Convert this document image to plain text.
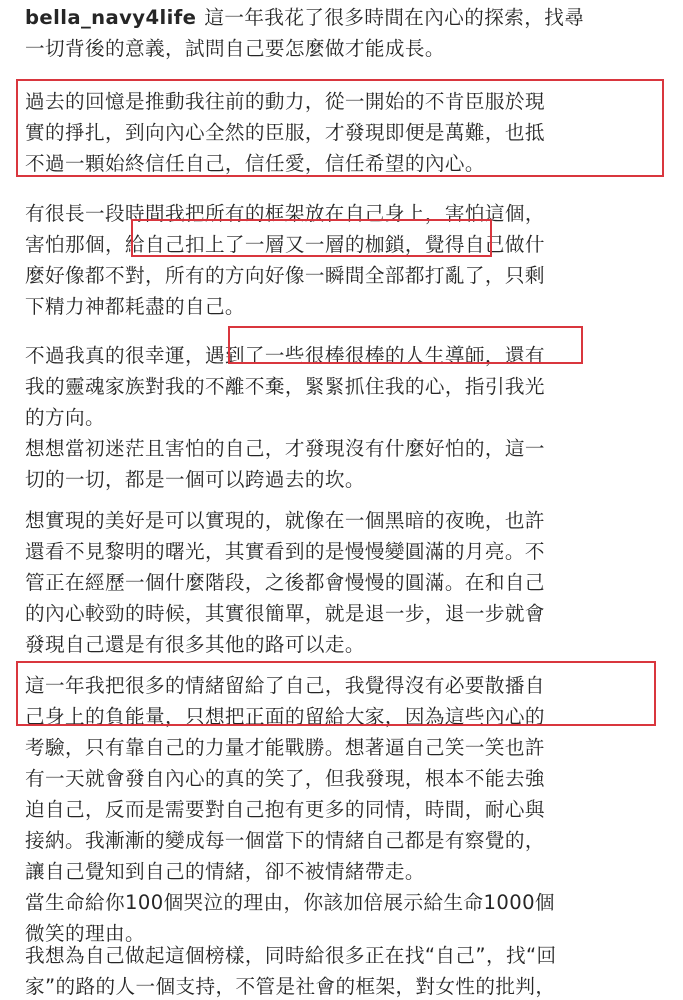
bella_navy4life 這一年我花了很多時間在內心的探索，找尋
一切背後的意義，試問自己要怎麼做才能成長。
過去的回憶是推動我往前的動力，從一開始的不肯臣服於現
實的掙扎，到向內心全然的臣服，才發現即便是萬難，也抵
不過一顆始終信任自己，信任愛，信任希望的內心。
有很長一段時間我把所有的框架放在自己身上，害怕這個，
害怕那個，給自己扣上了一層又一層的枷鎖，覺得自己做什
麼好像都不對，所有的方向好像一瞬間全部都打亂了，只剩
下精力神都耗盡的自己。
不過我真的很幸運，遇到了一些很棒很棒的人生導師，還有
我的靈魂家族對我的不離不棄，緊緊抓住我的心，指引我光
的方向。
想想當初迷茫且害怕的自己，才發現沒有什麼好怕的，這一
切的一切，都是一個可以跨過去的坎。
想實現的美好是可以實現的，就像在一個黑暗的夜晚，也許
還看不見黎明的曙光，其實看到的是慢慢變圓滿的月亮。不
管正在經歷一個什麼階段，之後都會慢慢的圓滿。在和自己
的內心較勁的時候，其實很簡單，就是退一步，退一步就會
發現自己還是有很多其他的路可以走。
這一年我把很多的情緒留給了自己，我覺得沒有必要散播自
己身上的負能量，只想把正面的留給大家，因為這些內心的
考驗，只有靠自己的力量才能戰勝。想著逼自己笑一笑也許
有一天就會發自內心的真的笑了，但我發現，根本不能去強
迫自己，反而是需要對自己抱有更多的同情，時間，耐心與
接納。我漸漸的變成每一個當下的情緒自己都是有察覺的，
讓自己覺知到自己的情緒，卻不被情緒帶走。
當生命給你100個哭泣的理由，你該加倍展示給生命1000個
微笑的理由。
我想為自己做起這個榜樣，同時給很多正在找“自己”，找“回
家”的路的人一個支持，不管是社會的框架，對女性的批判，
